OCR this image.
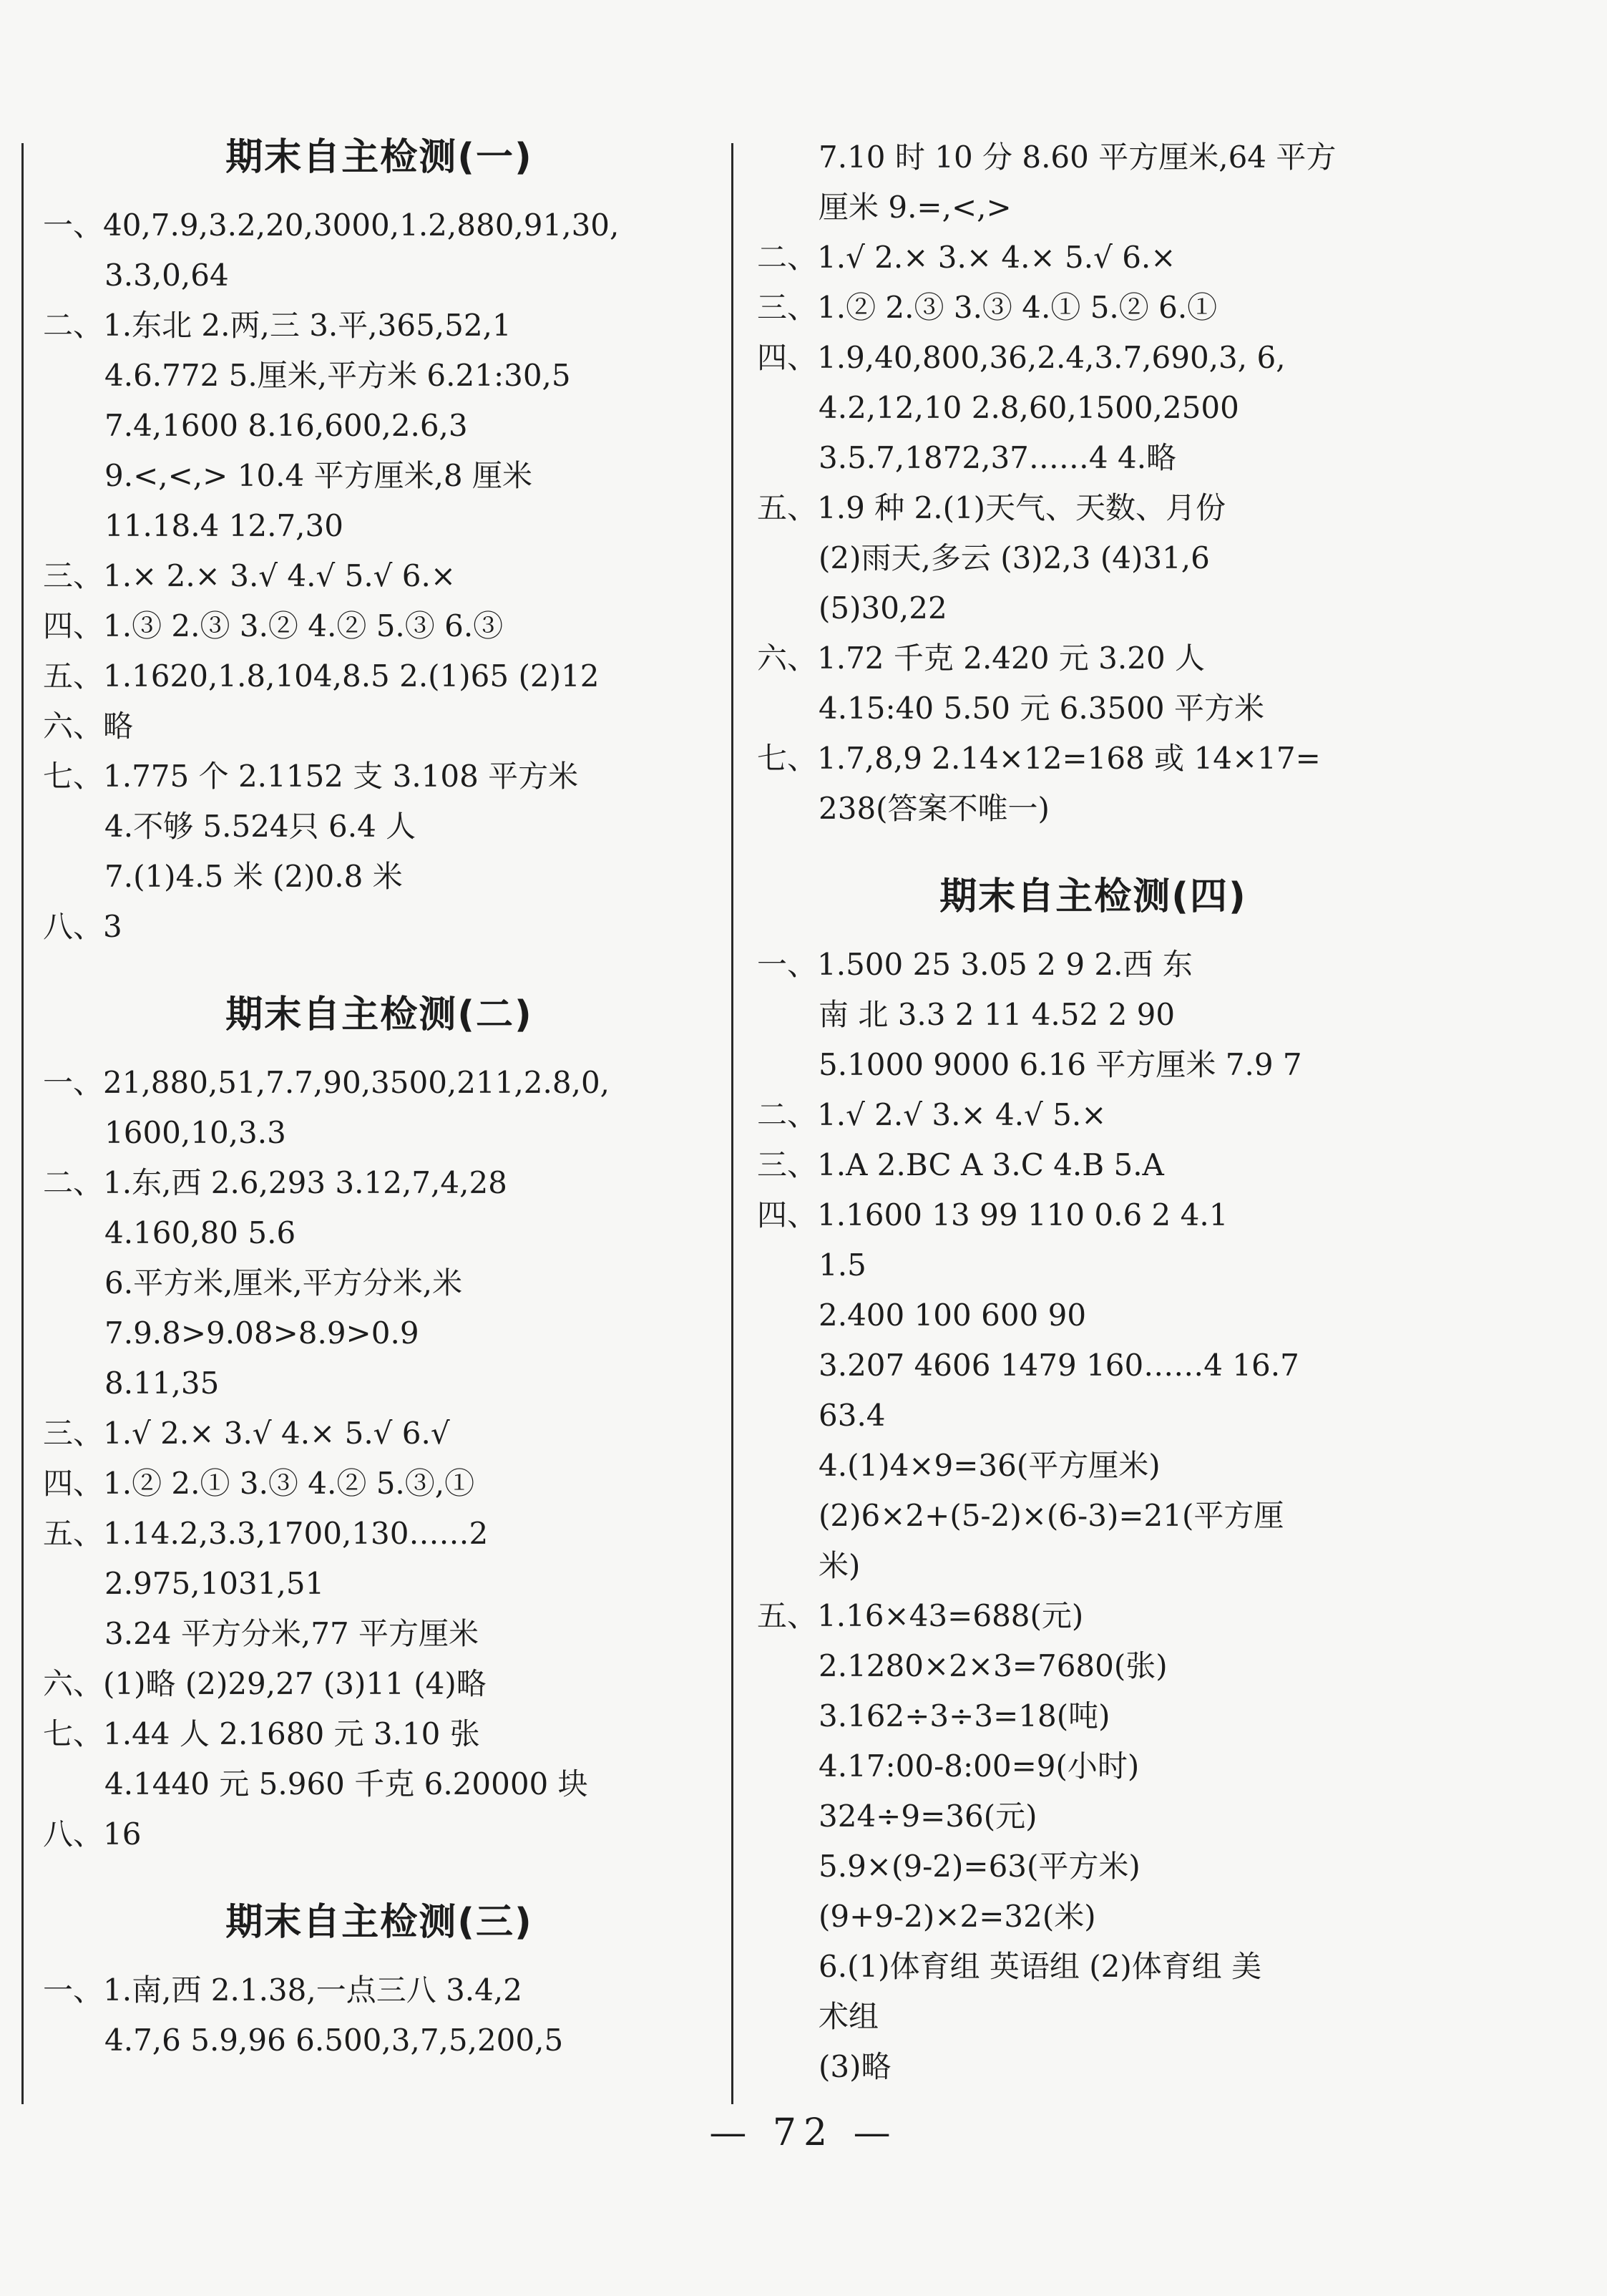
期末自主检测(一)
一、40,7.9,3.2,20,3000,1.2,880,91,30,
3.3,0,64
二、1.东北 2.两,三 3.平,365,52,1
4.6.772 5.厘米,平方米 6.21:30,5
7.4,1600 8.16,600,2.6,3
9.<,<,> 10.4 平方厘米,8 厘米
11.18.4 12.7,30
三、1.× 2.× 3.√ 4.√ 5.√ 6.×
四、1.③ 2.③ 3.② 4.② 5.③ 6.③
五、1.1620,1.8,104,8.5 2.(1)65 (2)12
六、略
七、1.775 个 2.1152 支 3.108 平方米
4.不够 5.524只 6.4 人
7.(1)4.5 米 (2)0.8 米
八、3
期末自主检测(二)
一、21,880,51,7.7,90,3500,211,2.8,0,
1600,10,3.3
二、1.东,西 2.6,293 3.12,7,4,28
4.160,80 5.6
6.平方米,厘米,平方分米,米
7.9.8>9.08>8.9>0.9
8.11,35
三、1.√ 2.× 3.√ 4.× 5.√ 6.√
四、1.② 2.① 3.③ 4.② 5.③,①
五、1.14.2,3.3,1700,130……2
2.975,1031,51
3.24 平方分米,77 平方厘米
六、(1)略 (2)29,27 (3)11 (4)略
七、1.44 人 2.1680 元 3.10 张
4.1440 元 5.960 千克 6.20000 块
八、16
期末自主检测(三)
一、1.南,西 2.1.38,一点三八 3.4,2
4.7,6 5.9,96 6.500,3,7,5,200,5
7.10 时 10 分 8.60 平方厘米,64 平方
厘米 9.=,<,>
二、1.√ 2.× 3.× 4.× 5.√ 6.×
三、1.② 2.③ 3.③ 4.① 5.② 6.①
四、1.9,40,800,36,2.4,3.7,690,3, 6,
4.2,12,10 2.8,60,1500,2500
3.5.7,1872,37……4 4.略
五、1.9 种 2.(1)天气、天数、月份
(2)雨天,多云 (3)2,3 (4)31,6
(5)30,22
六、1.72 千克 2.420 元 3.20 人
4.15:40 5.50 元 6.3500 平方米
七、1.7,8,9 2.14×12=168 或 14×17=
238(答案不唯一)
期末自主检测(四)
一、1.500 25 3.05 2 9 2.西 东
南 北 3.3 2 11 4.52 2 90
5.1000 9000 6.16 平方厘米 7.9 7
二、1.√ 2.√ 3.× 4.√ 5.×
三、1.A 2.BC A 3.C 4.B 5.A
四、1.1600 13 99 110 0.6 2 4.1
1.5
2.400 100 600 90
3.207 4606 1479 160……4 16.7
63.4
4.(1)4×9=36(平方厘米)
(2)6×2+(5-2)×(6-3)=21(平方厘
米)
五、1.16×43=688(元)
2.1280×2×3=7680(张)
3.162÷3÷3=18(吨)
4.17:00-8:00=9(小时)
324÷9=36(元)
5.9×(9-2)=63(平方米)
(9+9-2)×2=32(米)
6.(1)体育组 英语组 (2)体育组 美
术组
(3)略
— 72 —
